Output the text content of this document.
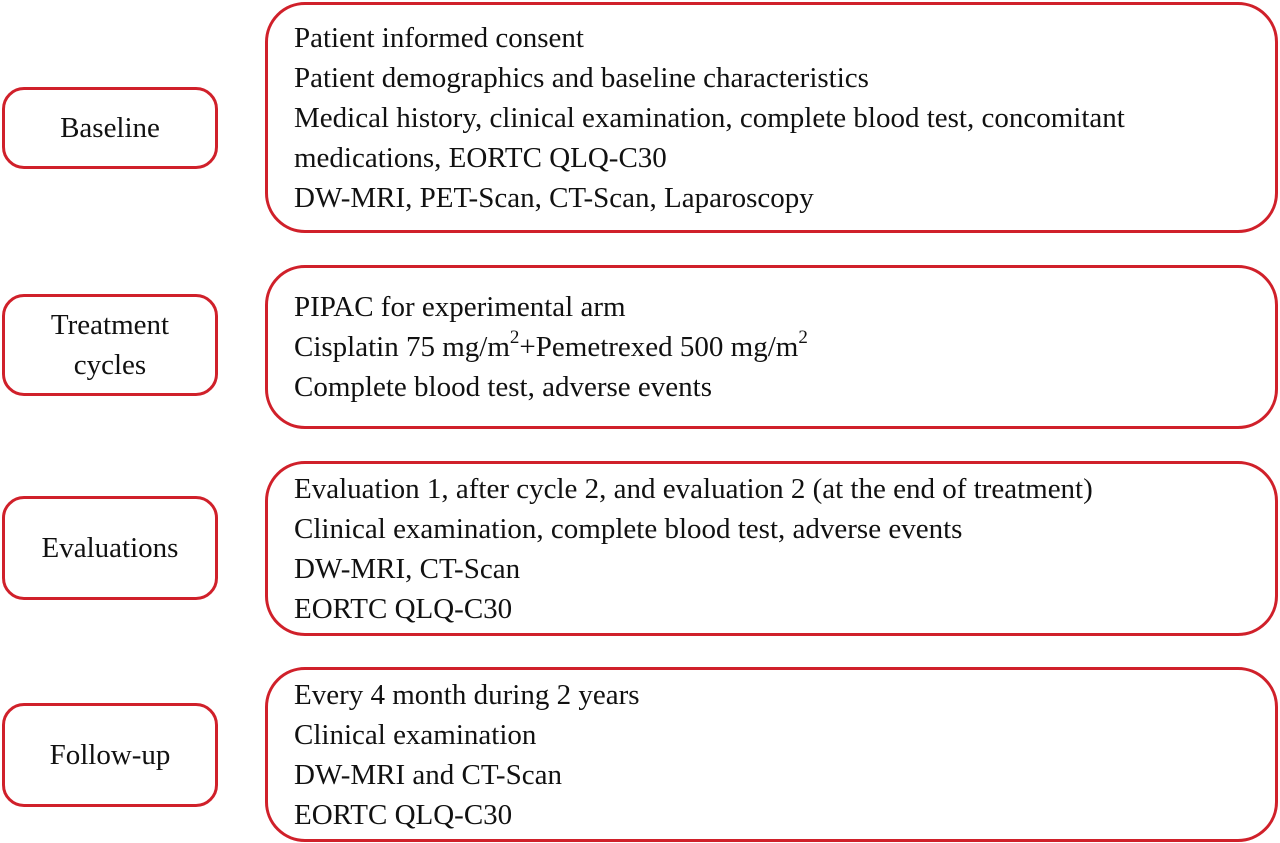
Baseline
Patient informed consent
Patient demographics and baseline characteristics
Medical history, clinical examination, complete blood test, concomitant
medications, EORTC QLQ-C30
DW-MRI, PET-Scan, CT-Scan, Laparoscopy
Treatment
cycles
PIPAC for experimental arm
Cisplatin 75 $mg/m^2+Pemetrexed$ 500 $mg/m^2$
Complete blood test, adverse events
Evaluations
Evaluation 1, after cycle 2, and evaluation 2 (at the end of treatment)
Clinical examination, complete blood test, adverse events
DW-MRI, CT-Scan
EORTC QLQ-C30
Follow-up
Every 4 month during 2 years
Clinical examination
DW-MRI and CT-Scan
EORTC QLQ-C30
